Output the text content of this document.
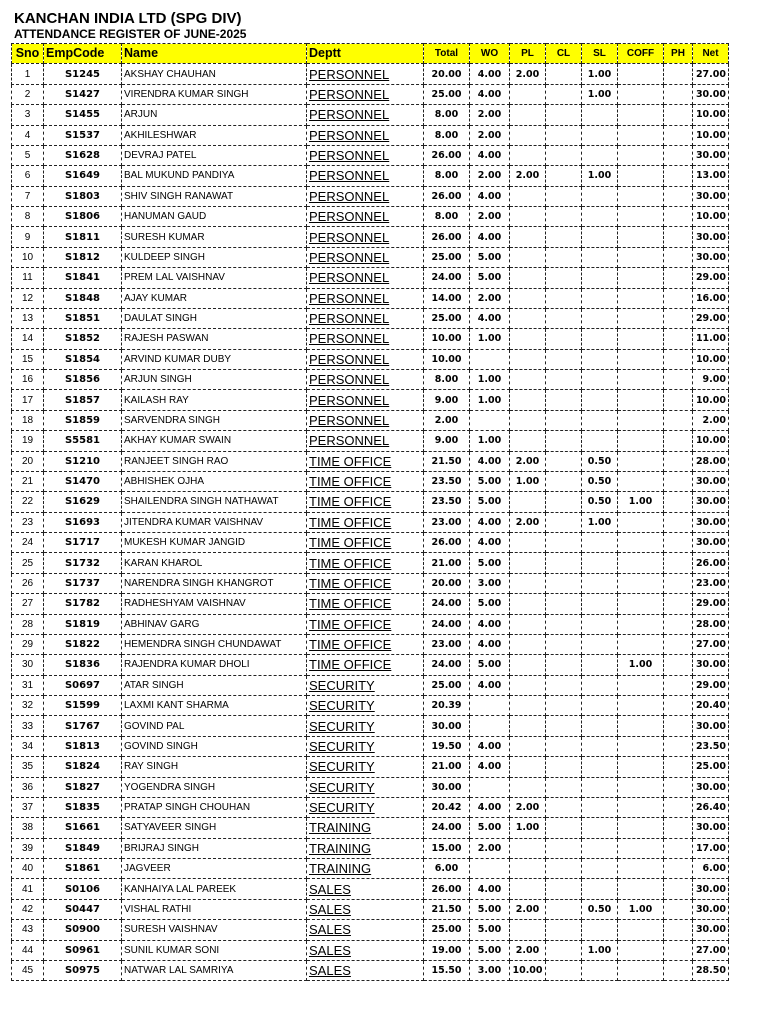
KANCHAN INDIA LTD (SPG DIV)
ATTENDANCE REGISTER OF JUNE-2025
Sno	EmpCode	Name	Deptt	Total	WO	PL	CL	SL	COFF	PH	Net
1	S1245	AKSHAY CHAUHAN	PERSONNEL	20.00	4.00	2.00		1.00			27.00
2	S1427	VIRENDRA KUMAR SINGH	PERSONNEL	25.00	4.00			1.00			30.00
3	S1455	ARJUN	PERSONNEL	8.00	2.00						10.00
4	S1537	AKHILESHWAR	PERSONNEL	8.00	2.00						10.00
5	S1628	DEVRAJ PATEL	PERSONNEL	26.00	4.00						30.00
6	S1649	BAL MUKUND PANDIYA	PERSONNEL	8.00	2.00	2.00		1.00			13.00
7	S1803	SHIV SINGH RANAWAT	PERSONNEL	26.00	4.00						30.00
8	S1806	HANUMAN GAUD	PERSONNEL	8.00	2.00						10.00
9	S1811	SURESH KUMAR	PERSONNEL	26.00	4.00						30.00
10	S1812	KULDEEP SINGH	PERSONNEL	25.00	5.00						30.00
11	S1841	PREM LAL VAISHNAV	PERSONNEL	24.00	5.00						29.00
12	S1848	AJAY KUMAR	PERSONNEL	14.00	2.00						16.00
13	S1851	DAULAT SINGH	PERSONNEL	25.00	4.00						29.00
14	S1852	RAJESH PASWAN	PERSONNEL	10.00	1.00						11.00
15	S1854	ARVIND KUMAR DUBY	PERSONNEL	10.00							10.00
16	S1856	ARJUN SINGH	PERSONNEL	8.00	1.00						9.00
17	S1857	KAILASH RAY	PERSONNEL	9.00	1.00						10.00
18	S1859	SARVENDRA SINGH	PERSONNEL	2.00							2.00
19	S5581	AKHAY KUMAR SWAIN	PERSONNEL	9.00	1.00						10.00
20	S1210	RANJEET SINGH RAO	TIME OFFICE	21.50	4.00	2.00		0.50			28.00
21	S1470	ABHISHEK OJHA	TIME OFFICE	23.50	5.00	1.00		0.50			30.00
22	S1629	SHAILENDRA SINGH NATHAWAT	TIME OFFICE	23.50	5.00			0.50	1.00		30.00
23	S1693	JITENDRA KUMAR VAISHNAV	TIME OFFICE	23.00	4.00	2.00		1.00			30.00
24	S1717	MUKESH KUMAR JANGID	TIME OFFICE	26.00	4.00						30.00
25	S1732	KARAN KHAROL	TIME OFFICE	21.00	5.00						26.00
26	S1737	NARENDRA SINGH KHANGROT	TIME OFFICE	20.00	3.00						23.00
27	S1782	RADHESHYAM VAISHNAV	TIME OFFICE	24.00	5.00						29.00
28	S1819	ABHINAV GARG	TIME OFFICE	24.00	4.00						28.00
29	S1822	HEMENDRA SINGH CHUNDAWAT	TIME OFFICE	23.00	4.00						27.00
30	S1836	RAJENDRA KUMAR DHOLI	TIME OFFICE	24.00	5.00				1.00		30.00
31	S0697	ATAR SINGH	SECURITY	25.00	4.00						29.00
32	S1599	LAXMI KANT SHARMA	SECURITY	20.39							20.40
33	S1767	GOVIND PAL	SECURITY	30.00							30.00
34	S1813	GOVIND SINGH	SECURITY	19.50	4.00						23.50
35	S1824	RAY SINGH	SECURITY	21.00	4.00						25.00
36	S1827	YOGENDRA SINGH	SECURITY	30.00							30.00
37	S1835	PRATAP SINGH CHOUHAN	SECURITY	20.42	4.00	2.00					26.40
38	S1661	SATYAVEER SINGH	TRAINING	24.00	5.00	1.00					30.00
39	S1849	BRIJRAJ SINGH	TRAINING	15.00	2.00						17.00
40	S1861	JAGVEER	TRAINING	6.00							6.00
41	S0106	KANHAIYA LAL PAREEK	SALES	26.00	4.00						30.00
42	S0447	VISHAL RATHI	SALES	21.50	5.00	2.00		0.50	1.00		30.00
43	S0900	SURESH VAISHNAV	SALES	25.00	5.00						30.00
44	S0961	SUNIL KUMAR SONI	SALES	19.00	5.00	2.00		1.00			27.00
45	S0975	NATWAR LAL SAMRIYA	SALES	15.50	3.00	10.00					28.50
